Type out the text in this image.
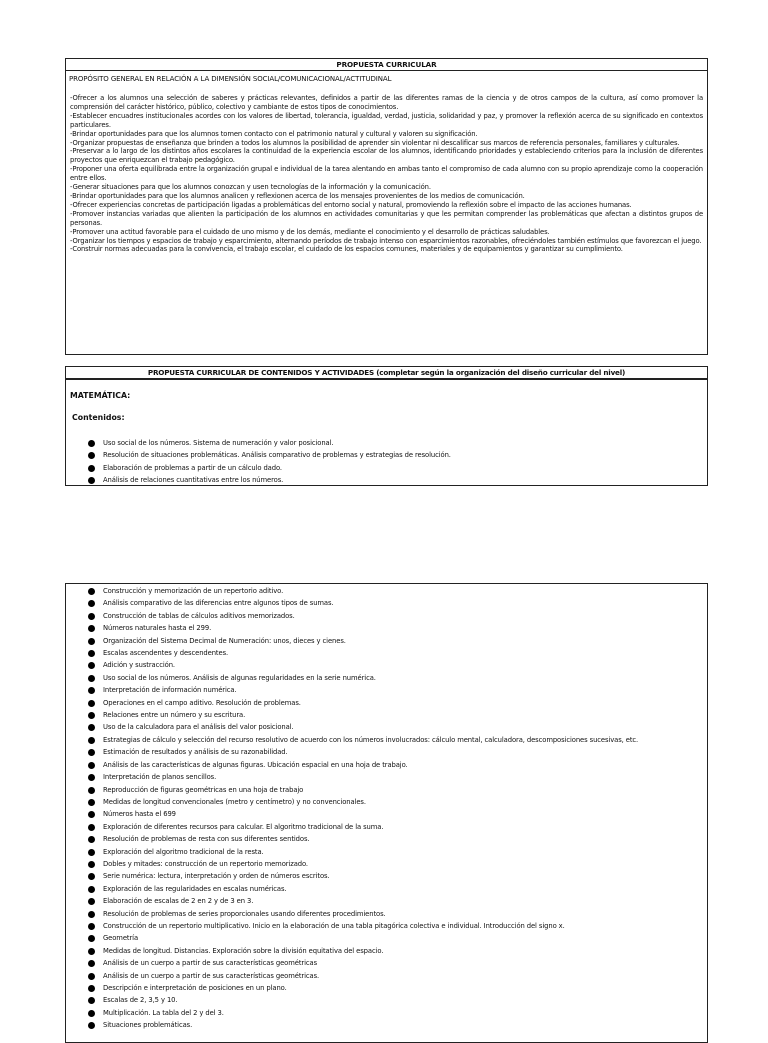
PROPUESTA CURRICULAR
PROPÓSITO GENERAL EN RELACIÓN A LA DIMENSIÓN SOCIAL/COMUNICACIONAL/ACTITUDINAL

-Ofrecer a los alumnos una selección de saberes y prácticas relevantes, definidos a partir de las diferentes ramas de la ciencia y de otros campos de la cultura, así como promover la comprensión del carácter histórico, público, colectivo y cambiante de estos tipos de conocimientos.

-Establecer encuadres institucionales acordes con los valores de libertad, tolerancia, igualdad, verdad, justicia, solidaridad y paz, y promover la reflexión acerca de su significado en contextos particulares.

-Brindar oportunidades para que los alumnos tomen contacto con el patrimonio natural y cultural y valoren su significación.

-Organizar propuestas de enseñanza que brinden a todos los alumnos la posibilidad de aprender sin violentar ni descalificar sus marcos de referencia personales, familiares y culturales.

-Preservar a lo largo de los distintos años escolares la continuidad de la experiencia escolar de los alumnos, identificando prioridades y estableciendo criterios para la inclusión de diferentes proyectos que enriquezcan el trabajo pedagógico.

-Proponer una oferta equilibrada entre la organización grupal e individual de la tarea alentando en ambas tanto el compromiso de cada alumno con su propio aprendizaje como la cooperación entre ellos.

-Generar situaciones para que los alumnos conozcan y usen tecnologías de la información y la comunicación.

-Brindar oportunidades para que los alumnos analicen y reflexionen acerca de los mensajes provenientes de los medios de comunicación.

-Ofrecer experiencias concretas de participación ligadas a problemáticas del entorno social y natural, promoviendo la reflexión sobre el impacto de las acciones humanas.

-Promover instancias variadas que alienten la participación de los alumnos en actividades comunitarias y que les permitan comprender las problemáticas que afectan a distintos grupos de personas.

-Promover una actitud favorable para el cuidado de uno mismo y de los demás, mediante el conocimiento y el desarrollo de prácticas saludables.

-Organizar los tiempos y espacios de trabajo y esparcimiento, alternando períodos de trabajo intenso con esparcimientos razonables, ofreciéndoles también estímulos que favorezcan el juego.

-Construir normas adecuadas para la convivencia, el trabajo escolar, el cuidado de los espacios comunes, materiales y de equipamientos y garantizar su cumplimiento.

PROPUESTA CURRICULAR DE CONTENIDOS Y ACTIVIDADES (completar según la organización del diseño curricular del nivel)
MATEMÁTICA:
Contenidos:
Uso social de los números. Sistema de numeración y valor posicional.
Resolución de situaciones problemáticas. Análisis comparativo de problemas y estrategias de resolución.
Elaboración de problemas a partir de un cálculo dado.
Análisis de relaciones cuantitativas entre los números.
Construcción y memorización de un repertorio aditivo.
Análisis comparativo de las diferencias entre algunos tipos de sumas.
Construcción de tablas de cálculos aditivos memorizados.
Números naturales hasta el 299.
Organización del Sistema Decimal de Numeración: unos, dieces y cienes.
Escalas ascendentes y descendentes.
Adición y sustracción.
Uso social de los números. Análisis de algunas regularidades en la serie numérica.
Interpretación de información numérica.
Operaciones en el campo aditivo. Resolución de problemas.
Relaciones entre un número y su escritura.
Uso de la calculadora para el análisis del valor posicional.
Estrategias de cálculo y selección del recurso resolutivo de acuerdo con los números involucrados: cálculo mental, calculadora, descomposiciones sucesivas, etc.
Estimación de resultados y análisis de su razonabilidad.
Análisis de las características de algunas figuras. Ubicación espacial en una hoja de trabajo.
Interpretación de planos sencillos.
Reproducción de figuras geométricas en una hoja de trabajo
Medidas de longitud convencionales (metro y centímetro) y no convencionales.
Números hasta el 699
Exploración de diferentes recursos para calcular. El algoritmo tradicional de la suma.
Resolución de problemas de resta con sus diferentes sentidos.
Exploración del algoritmo tradicional de la resta.
Dobles y mitades: construcción de un repertorio memorizado.
Serie numérica: lectura, interpretación y orden de números escritos.
Exploración de las regularidades en escalas numéricas.
Elaboración de escalas de 2 en 2 y de 3 en 3.
Resolución de problemas de series proporcionales usando diferentes procedimientos.
Construcción de un repertorio multiplicativo. Inicio en la elaboración de una tabla pitagórica colectiva e individual. Introducción del signo x.
Geometría
Medidas de longitud. Distancias. Exploración sobre la división equitativa del espacio.
Análisis de un cuerpo a partir de sus características geométricas
Análisis de un cuerpo a partir de sus características geométricas.
Descripción e interpretación de posiciones en un plano.
Escalas de 2, 3,5 y 10.
Multiplicación. La tabla del 2 y del 3.
Situaciones problemáticas.
